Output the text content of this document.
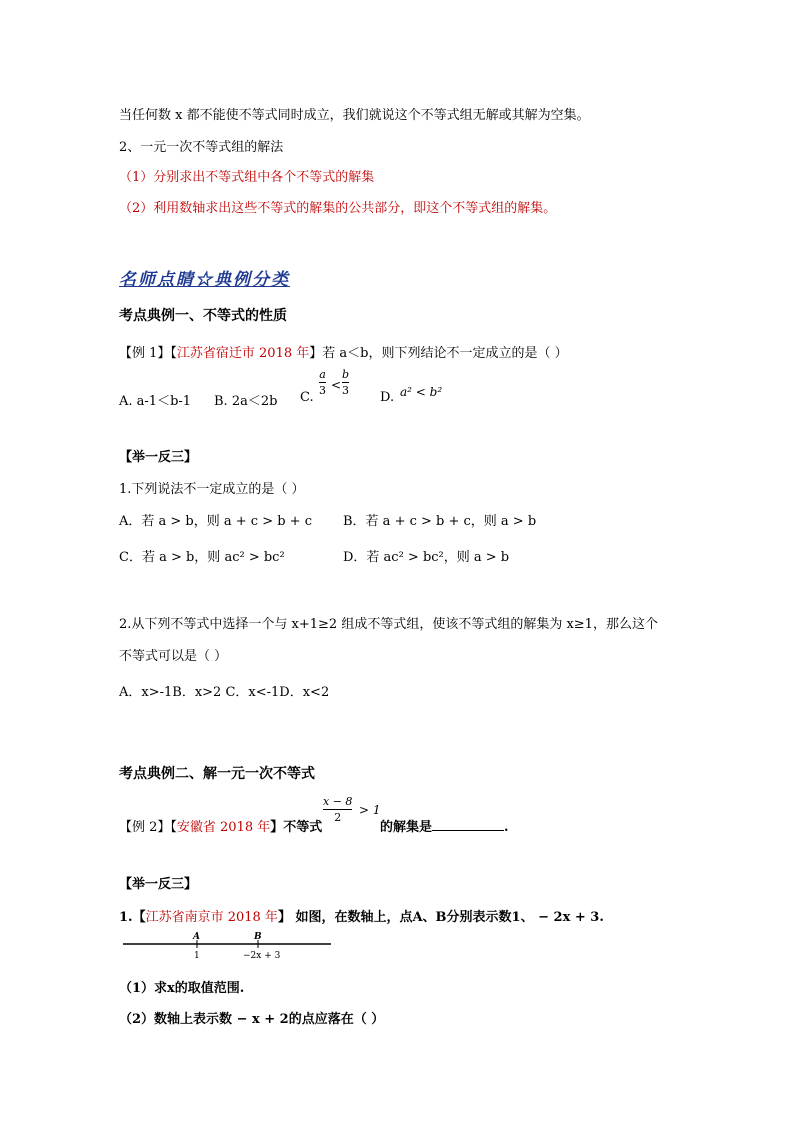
当任何数 x 都不能使不等式同时成立，我们就说这个不等式组无解或其解为空集。
2、一元一次不等式组的解法
（1）分别求出不等式组中各个不等式的解集
（2）利用数轴求出这些不等式的解集的公共部分，即这个不等式组的解集。
名师点睛☆典例分类
考点典例一、不等式的性质
【例 1】【江苏省宿迁市 2018 年】若 a＜b，则下列结论不一定成立的是（ ）
A. a-1＜b-1 B. 2a＜2b C.
a
3 <
b
3 D. a² < b²
【举一反三】
1.下列说法不一定成立的是（ ）
A．若 a > b，则 a + c > b + c B．若 a + c > b + c，则 a > b
C．若 a > b，则 ac² > bc²	D．若 ac² > bc²，则 a > b
2.从下列不等式中选择一个与 x+1≥2 组成不等式组，使该不等式组的解集为 x≥1，那么这个
不等式可以是（ ）
A．x>-1B．x>2 C．x<-1D．x<2
考点典例二、解一元一次不等式
【例 2】【安徽省 2018 年】不等式
x − 8
2
> 1
的解集是	.
【举一反三】
1.【江苏省南京市 2018 年】 如图，在数轴上，点A、B分别表示数1、 − 2x + 3.
A	B
1	−2x + 3
（1）求x的取值范围.
（2）数轴上表示数 − x + 2的点应落在（ ）
